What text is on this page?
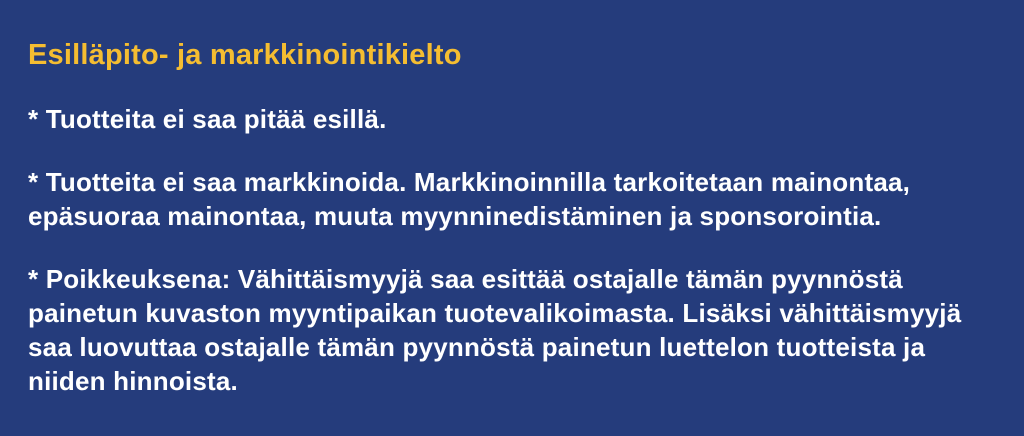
Esilläpito- ja markkinointikielto

* Tuotteita ei saa pitää esillä.

* Tuotteita ei saa markkinoida. Markkinoinnilla tarkoitetaan mainontaa, epäsuoraa mainontaa, muuta myynninedistäminen ja sponsorointia.

* Poikkeuksena: Vähittäismyyjä saa esittää ostajalle tämän pyynnöstä painetun kuvaston myyntipaikan tuotevalikoimasta. Lisäksi vähittäismyyjä saa luovuttaa ostajalle tämän pyynnöstä painetun luettelon tuotteista ja niiden hinnoista.
